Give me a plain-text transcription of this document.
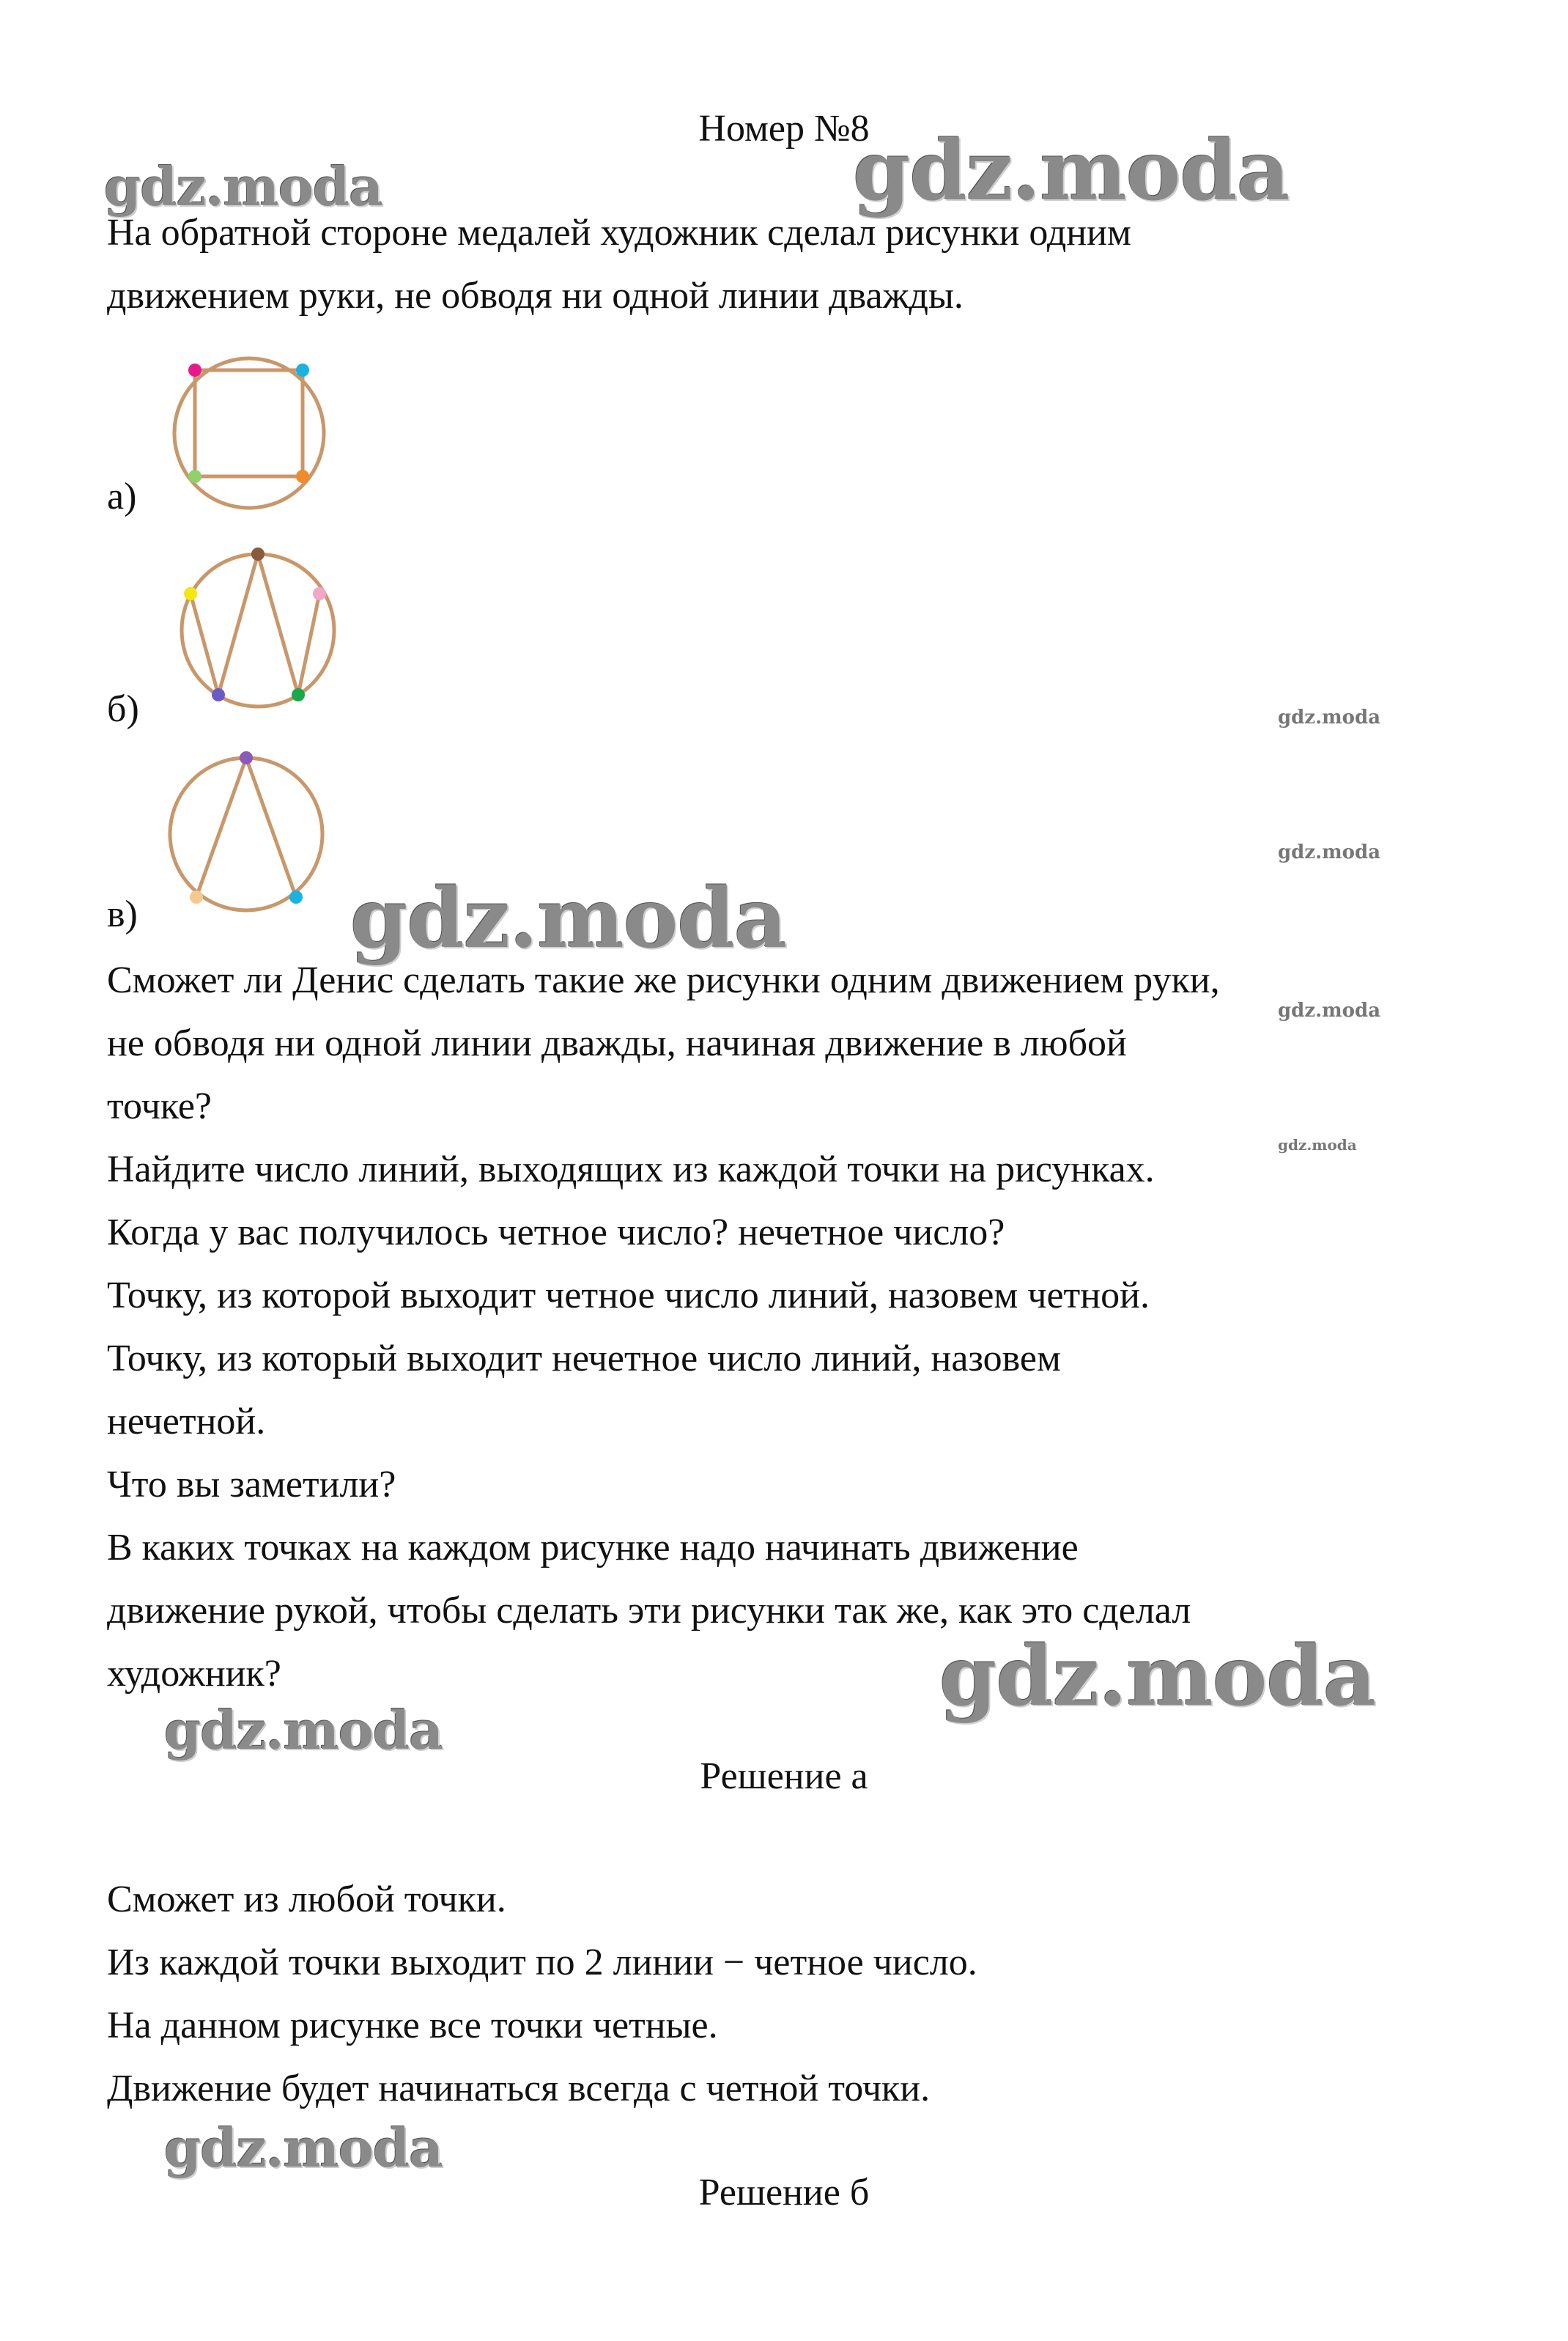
gdz.moda	gdz.moda
gdz.moda
gdz.moda
gdz.moda
gdz.moda
gdz.moda
gdz.moda
gdz.moda
gdz.moda
Номер №8
На обратной стороне медалей художник сделал рисунки одним
движением руки, не обводя ни одной линии дважды.
а)
б)
в)
Сможет ли Денис сделать такие же рисунки одним движением руки,
не обводя ни одной линии дважды, начиная движение в любой
точке?
Найдите число линий, выходящих из каждой точки на рисунках.
Когда у вас получилось четное число? нечетное число?
Точку, из которой выходит четное число линий, назовем четной.
Точку, из который выходит нечетное число линий, назовем
нечетной.
Что вы заметили?
В каких точках на каждом рисунке надо начинать движение
движение рукой, чтобы сделать эти рисунки так же, как это сделал
художник?
Решение а
Сможет из любой точки.
Из каждой точки выходит по 2 линии − четное число.
На данном рисунке все точки четные.
Движение будет начинаться всегда с четной точки.
Решение б
